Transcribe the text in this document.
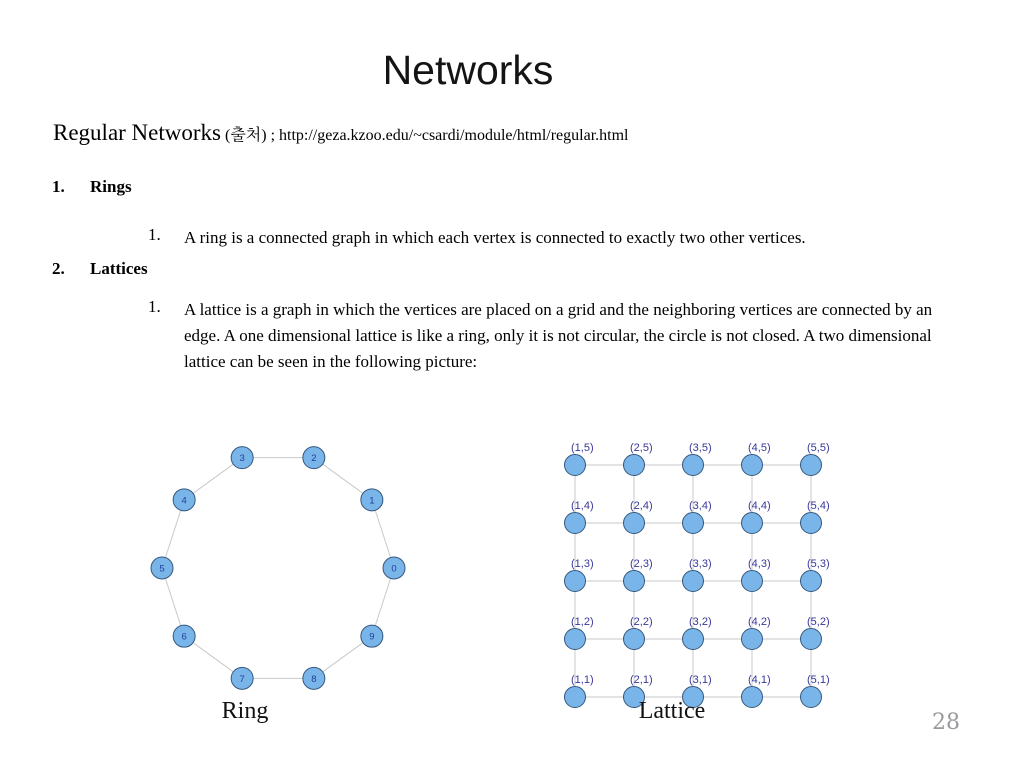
Networks
Regular Networks (출처) ; http://geza.kzoo.edu/~csardi/module/html/regular.html
1. Rings
1. A ring is a connected graph in which each vertex is connected to exactly two other vertices.
2. Lattices
1. A lattice is a graph in which the vertices are placed on a grid and the neighboring vertices are connected by an edge. A one dimensional lattice is like a ring, only it is not circular, the circle is not closed. A two dimensional lattice can be seen in the following picture:
0
1
2
3
4
5
6
7	8
9
(1,5)	(2,5)	(3,5)	(4,5)	(5,5)
(1,4)	(2,4)	(3,4)	(4,4)	(5,4)
(1,3)	(2,3)	(3,3)	(4,3)	(5,3)
(1,2)	(2,2)	(3,2)	(4,2)	(5,2)
(1,1)	(2,1)	(3,1)	(4,1)	(5,1)
Ring	Lattice	28
